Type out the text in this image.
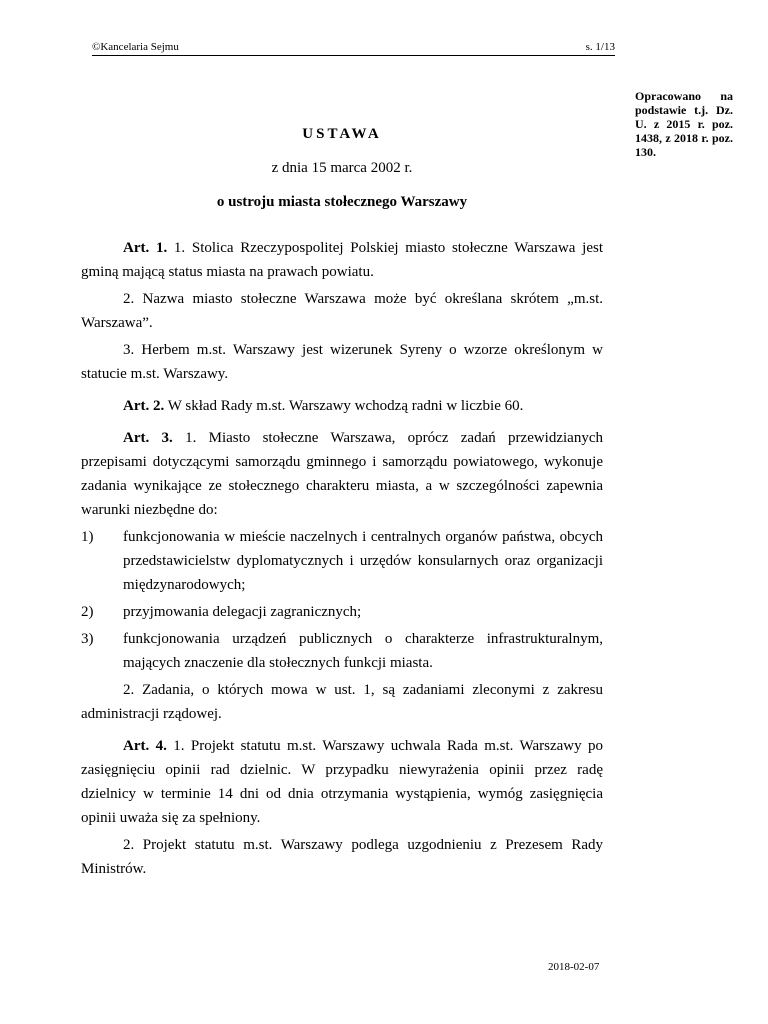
©Kancelaria Sejmu	s. 1/13
Opracowano na podstawie t.j. Dz. U. z 2015 r. poz. 1438, z 2018 r. poz. 130.
USTAWA
z dnia 15 marca 2002 r.
o ustroju miasta stołecznego Warszawy

Art. 1. 1. Stolica Rzeczypospolitej Polskiej miasto stołeczne Warszawa jest gminą mającą status miasta na prawach powiatu.

2. Nazwa miasto stołeczne Warszawa może być określana skrótem „m.st. Warszawa”.

3. Herbem m.st. Warszawy jest wizerunek Syreny o wzorze określonym w statucie m.st. Warszawy.

Art. 2. W skład Rady m.st. Warszawy wchodzą radni w liczbie 60.

Art. 3. 1. Miasto stołeczne Warszawa, oprócz zadań przewidzianych przepisami dotyczącymi samorządu gminnego i samorządu powiatowego, wykonuje zadania wynikające ze stołecznego charakteru miasta, a w szczególności zapewnia warunki niezbędne do:

1)	funkcjonowania w mieście naczelnych i centralnych organów państwa, obcych przedstawicielstw dyplomatycznych i urzędów konsularnych oraz organizacji międzynarodowych;
2)	przyjmowania delegacji zagranicznych;
3)	funkcjonowania urządzeń publicznych o charakterze infrastrukturalnym, mających znaczenie dla stołecznych funkcji miasta.

2. Zadania, o których mowa w ust. 1, są zadaniami zleconymi z zakresu administracji rządowej.

Art. 4. 1. Projekt statutu m.st. Warszawy uchwala Rada m.st. Warszawy po zasięgnięciu opinii rad dzielnic. W przypadku niewyrażenia opinii przez radę dzielnicy w terminie 14 dni od dnia otrzymania wystąpienia, wymóg zasięgnięcia opinii uważa się za spełniony.

2. Projekt statutu m.st. Warszawy podlega uzgodnieniu z Prezesem Rady Ministrów.

2018-02-07
